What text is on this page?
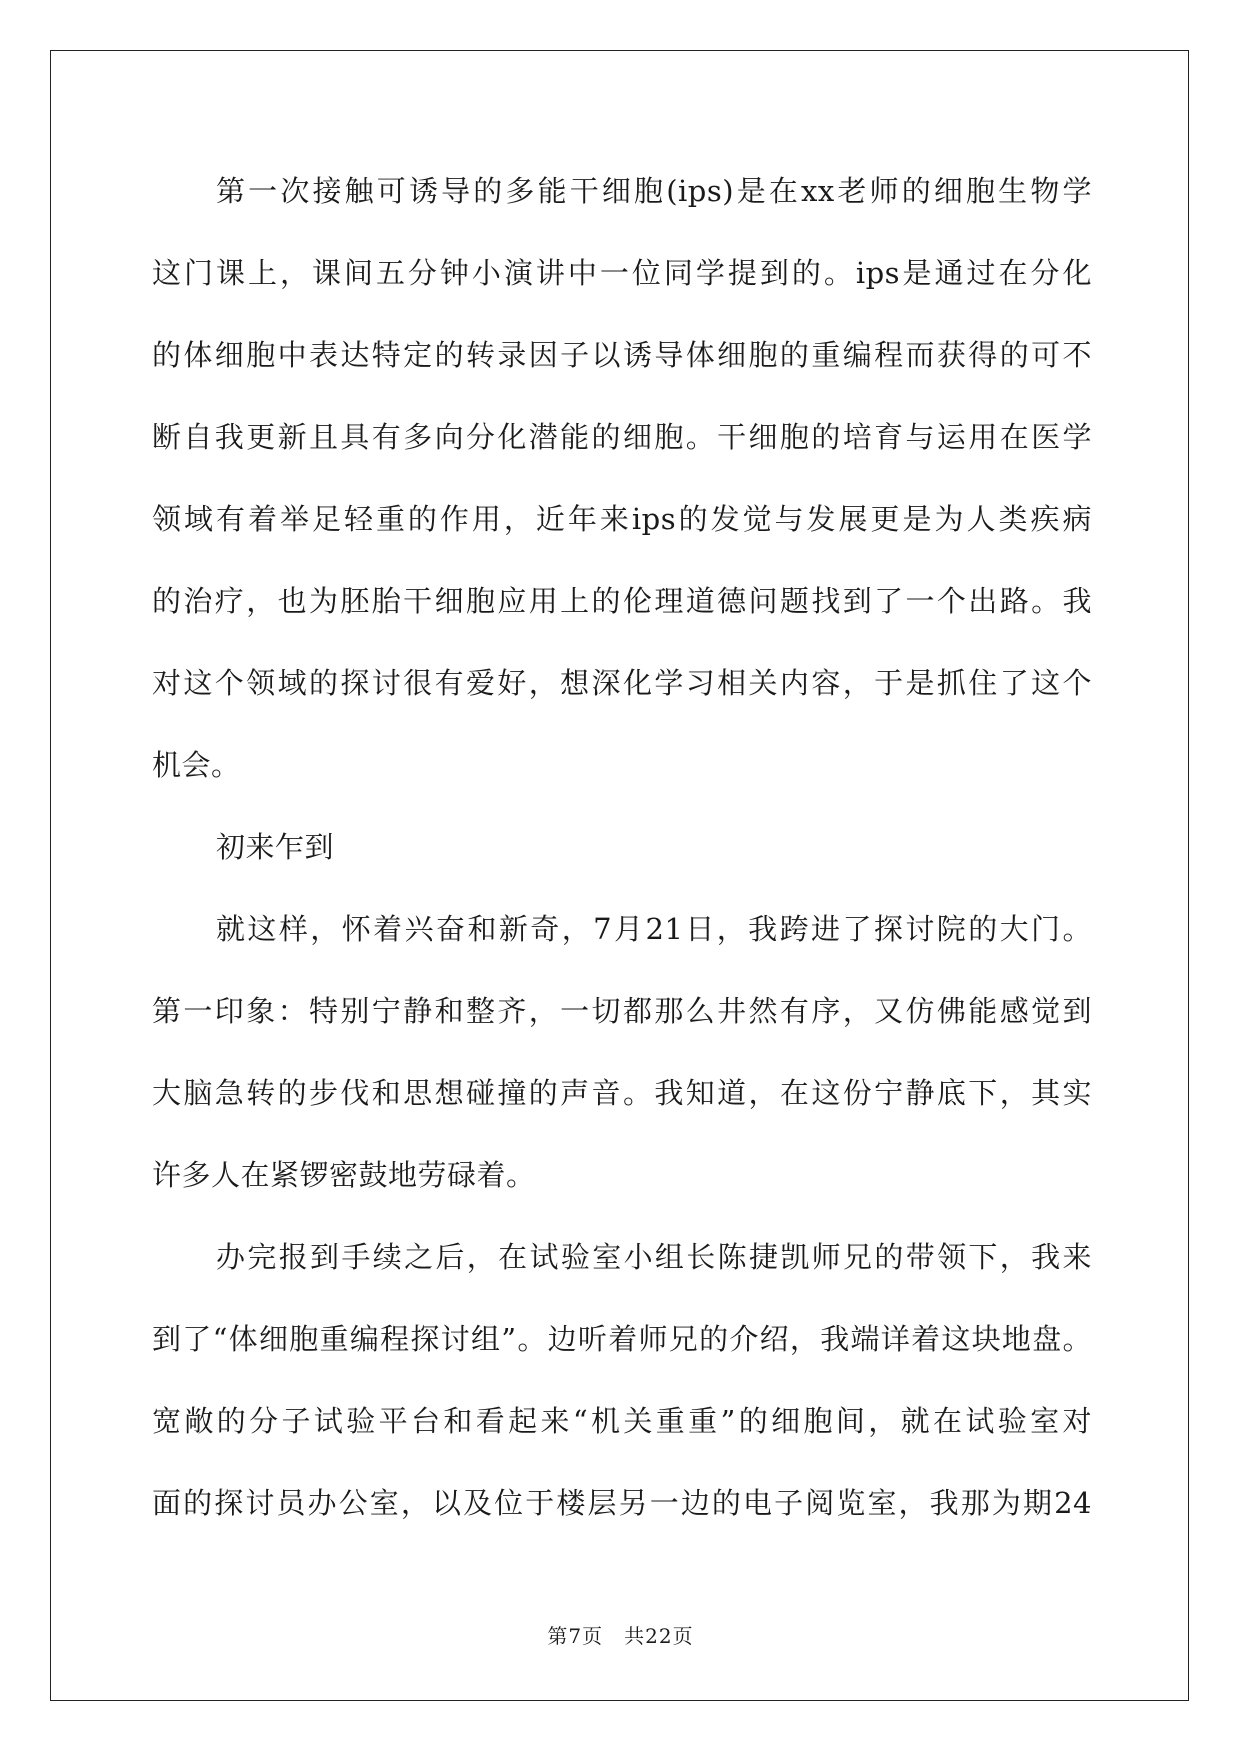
第一次接触可诱导的多能干细胞(ips)是在xx老师的细胞生物学
这门课上，课间五分钟小演讲中一位同学提到的。ips是通过在分化
的体细胞中表达特定的转录因子以诱导体细胞的重编程而获得的可不
断自我更新且具有多向分化潜能的细胞。干细胞的培育与运用在医学
领域有着举足轻重的作用，近年来ips的发觉与发展更是为人类疾病
的治疗，也为胚胎干细胞应用上的伦理道德问题找到了一个出路。我
对这个领域的探讨很有爱好，想深化学习相关内容，于是抓住了这个
机会。
初来乍到
就这样，怀着兴奋和新奇，7月21日，我跨进了探讨院的大门。
第一印象：特别宁静和整齐，一切都那么井然有序，又仿佛能感觉到
大脑急转的步伐和思想碰撞的声音。我知道，在这份宁静底下，其实
许多人在紧锣密鼓地劳碌着。
办完报到手续之后，在试验室小组长陈捷凯师兄的带领下，我来
到了“体细胞重编程探讨组”。边听着师兄的介绍，我端详着这块地盘。
宽敞的分子试验平台和看起来“机关重重”的细胞间，就在试验室对
面的探讨员办公室，以及位于楼层另一边的电子阅览室，我那为期24
第7页　共22页
